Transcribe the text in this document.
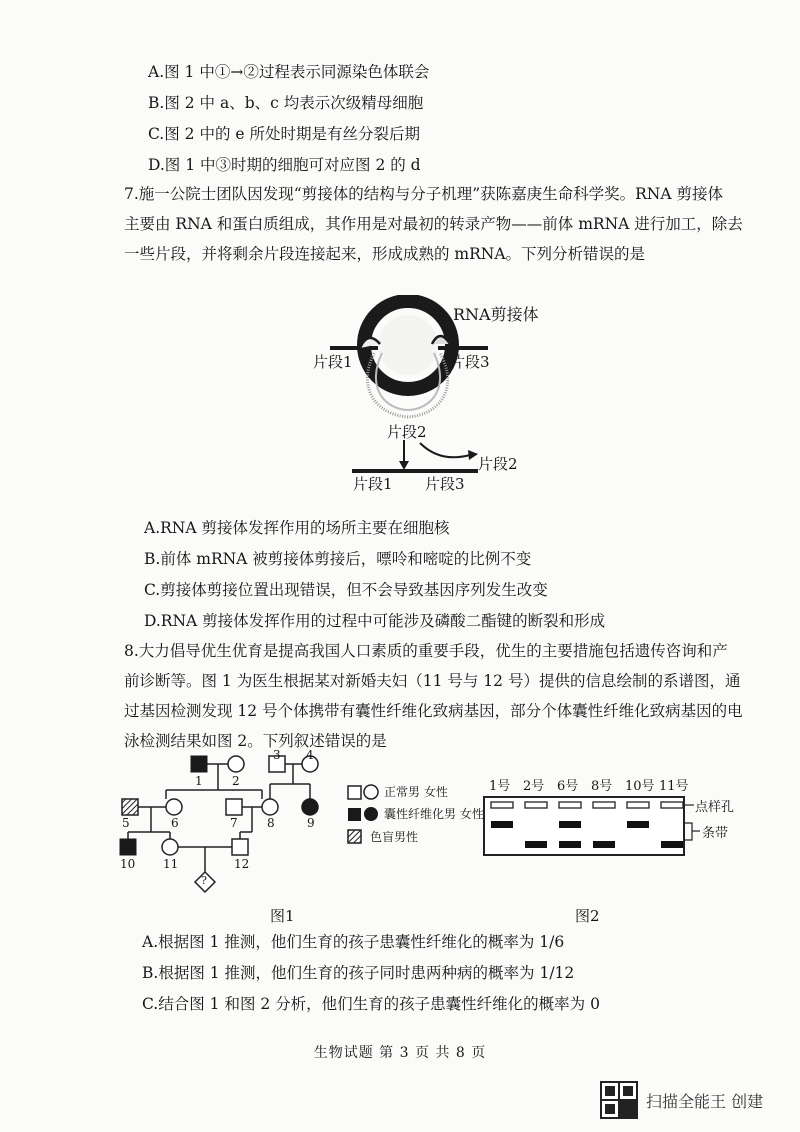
A.图 1 中①→②过程表示同源染色体联会
B.图 2 中 a、b、c 均表示次级精母细胞
C.图 2 中的 e 所处时期是有丝分裂后期
D.图 1 中③时期的细胞可对应图 2 的 d
7.施一公院士团队因发现“剪接体的结构与分子机理”获陈嘉庚生命科学奖。RNA 剪接体
主要由 RNA 和蛋白质组成，其作用是对最初的转录产物——前体 mRNA 进行加工，除去
一些片段，并将剩余片段连接起来，形成成熟的 mRNA。下列分析错误的是
RNA剪接体
片段1	片段3
片段2
片段2
片段1 片段3
A.RNA 剪接体发挥作用的场所主要在细胞核
B.前体 mRNA 被剪接体剪接后，嘌呤和嘧啶的比例不变
C.剪接体剪接位置出现错误，但不会导致基因序列发生改变
D.RNA 剪接体发挥作用的过程中可能涉及磷酸二酯键的断裂和形成
8.大力倡导优生优育是提高我国人口素质的重要手段，优生的主要措施包括遗传咨询和产
前诊断等。图 1 为医生根据某对新婚夫妇（11 号与 12 号）提供的信息绘制的系谱图，通
过基因检测发现 12 号个体携带有囊性纤维化致病基因，部分个体囊性纤维化致病基因的电
泳检测结果如图 2。下列叙述错误的是
1 2
3 4
5	6	7 8	9
10 11	12
?
正常男 女性
囊性纤维化男 女性
色盲男性
点样孔
条带
1号 2号 6号 8号 10号 11号
图1	图2
A.根据图 1 推测，他们生育的孩子患囊性纤维化的概率为 1/6
B.根据图 1 推测，他们生育的孩子同时患两种病的概率为 1/12
C.结合图 1 和图 2 分析，他们生育的孩子患囊性纤维化的概率为 0
生物试题 第 3 页 共 8 页
扫描全能王 创建
